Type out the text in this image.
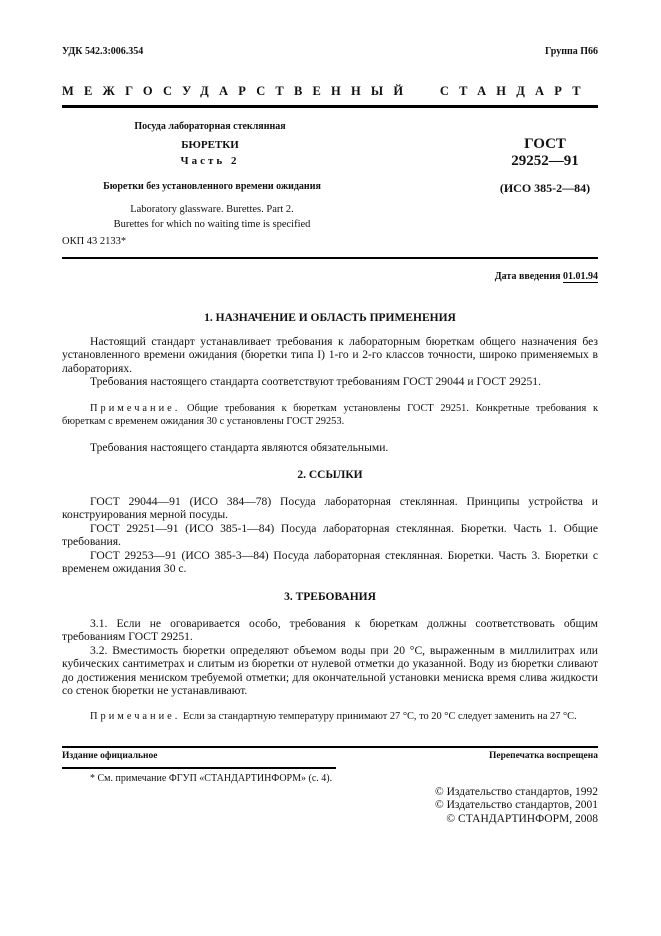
УДК 542.3:006.354	Группа П66
МЕЖГОСУДАРСТВЕННЫЙ  СТАНДАРТ
Посуда лабораторная стеклянная
БЮРЕТКИ
Часть 2
Бюретки без установленного времени ожидания
Laboratory glassware. Burettes. Part 2.
Burettes for which no waiting time is specified
ГОСТ
29252—91
(ИСО 385-2—84)
ОКП 43 2133*
Дата введения 01.01.94
1. НАЗНАЧЕНИЕ И ОБЛАСТЬ ПРИМЕНЕНИЯ

Настоящий стандарт устанавливает требования к лабораторным бюреткам общего назначения без установленного времени ожидания (бюретки типа I) 1-го и 2-го классов точности, широко применяемых в лабораториях.

Требования настоящего стандарта соответствуют требованиям ГОСТ 29044 и ГОСТ 29251.

Примечание. Общие требования к бюреткам установлены ГОСТ 29251. Конкретные требования к бюреткам с временем ожидания 30 с установлены ГОСТ 29253.

Требования настоящего стандарта являются обязательными.

2. ССЫЛКИ

ГОСТ 29044—91 (ИСО 384—78) Посуда лабораторная стеклянная. Принципы устройства и конструирования мерной посуды.

ГОСТ 29251—91 (ИСО 385-1—84) Посуда лабораторная стеклянная. Бюретки. Часть 1. Общие требования.

ГОСТ 29253—91 (ИСО 385-3—84) Посуда лабораторная стеклянная. Бюретки. Часть 3. Бюретки с временем ожидания 30 с.

3. ТРЕБОВАНИЯ

3.1. Если не оговаривается особо, требования к бюреткам должны соответствовать общим требованиям ГОСТ 29251.

3.2. Вместимость бюретки определяют объемом воды при 20 °С, выраженным в миллилитрах или кубических сантиметрах и слитым из бюретки от нулевой отметки до указанной. Воду из бюретки сливают до достижения мениском требуемой отметки; для окончательной установки мениска время слива жидкости со стенок бюретки не устанавливают.

Примечание. Если за стандартную температуру принимают 27 °С, то 20 °С следует заменить на 27 °С.

Издание официальное	Перепечатка воспрещена
* См. примечание ФГУП «СТАНДАРТИНФОРМ» (с. 4).
© Издательство стандартов, 1992
© Издательство стандартов, 2001
© СТАНДАРТИНФОРМ, 2008
